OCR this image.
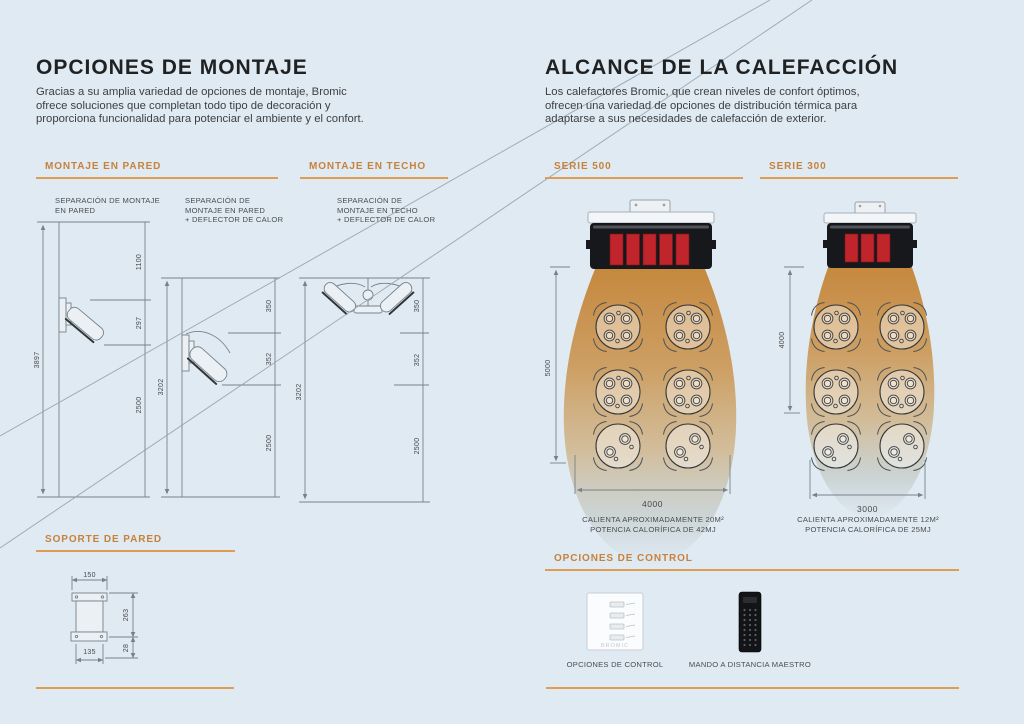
3897
1100
297
2500
3202
350
352
2500
3202
350
352
2500
150
263
28
135
5000
4000
4000
3000
BROMIC
OPCIONES DE MONTAJE
Gracias a su amplia variedad de opciones de montaje, Bromic
ofrece soluciones que completan todo tipo de decoración y
proporciona funcionalidad para potenciar el ambiente y el confort.
MONTAJE EN PARED	MONTAJE EN TECHO
SOPORTE DE PARED
SEPARACIÓN DE MONTAJE
EN PARED
SEPARACIÓN DE
MONTAJE EN PARED
+ DEFLECTOR DE CALOR
SEPARACIÓN DE
MONTAJE EN TECHO
+ DEFLECTOR DE CALOR
ALCANCE DE LA CALEFACCIÓN
Los calefactores Bromic, que crean niveles de confort óptimos,
ofrecen una variedad de opciones de distribución térmica para
adaptarse a sus necesidades de calefacción de exterior.
SERIE 500	SERIE 300
OPCIONES DE CONTROL
CALIENTA APROXIMADAMENTE 20M²
POTENCIA CALORÍFICA DE 42MJ
CALIENTA APROXIMADAMENTE 12M²
POTENCIA CALORÍFICA DE 25MJ
OPCIONES DE CONTROL	MANDO A DISTANCIA MAESTRO
